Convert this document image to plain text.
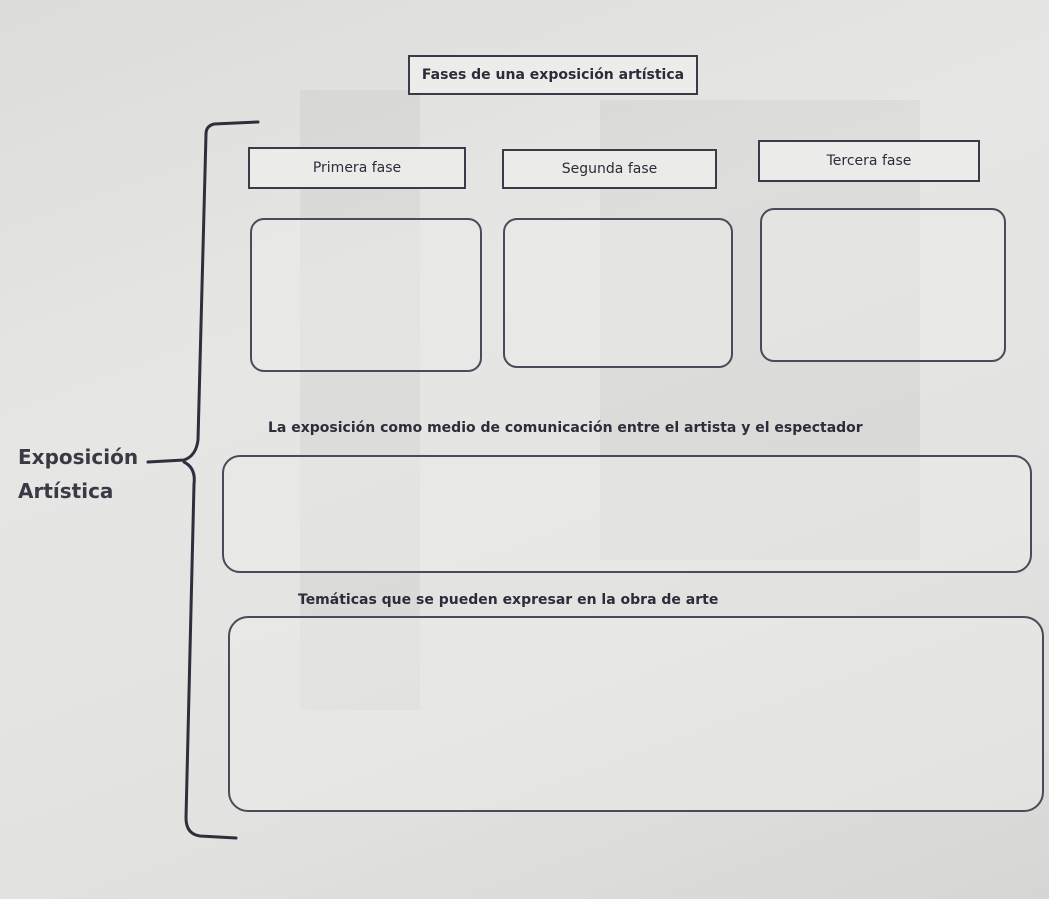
Fases de una exposición artística
Primera fase	Segunda fase	Tercera fase
La exposición como medio de comunicación entre el artista y el espectador
Temáticas que se pueden expresar en la obra de arte
Exposición
Artística
